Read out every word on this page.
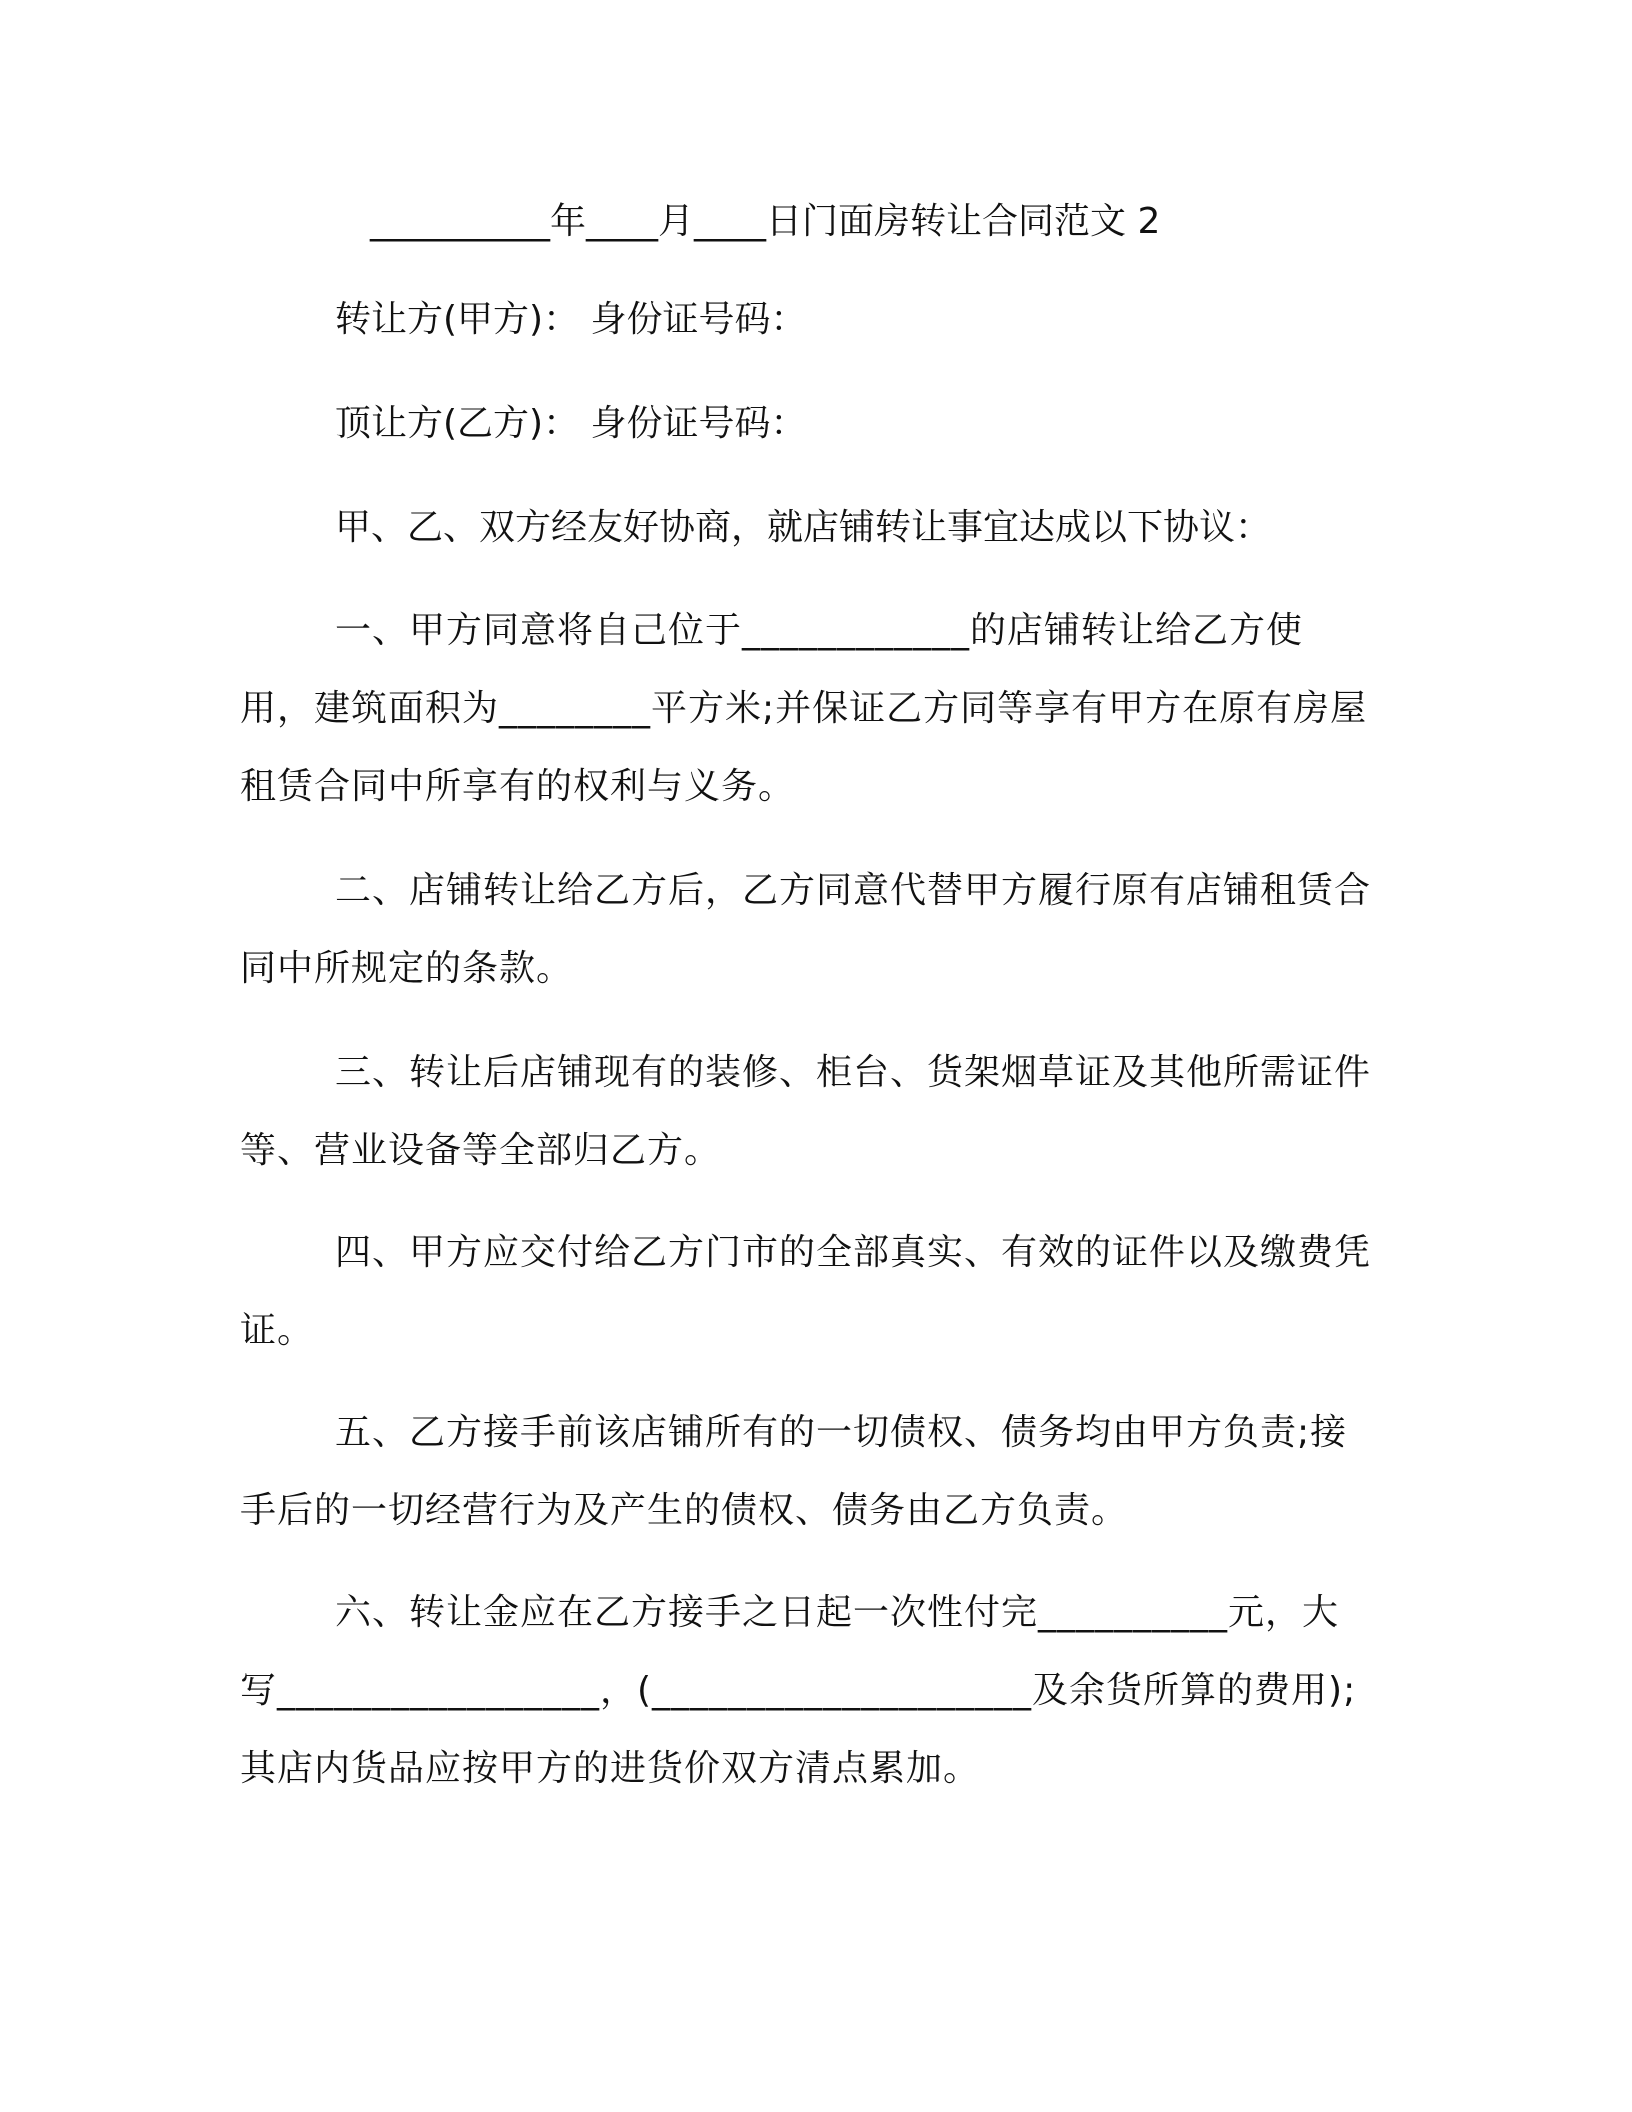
__________年____月____日门面房转让合同范文 2

转让方(甲方)： 身份证号码：

顶让方(乙方)： 身份证号码：

甲、乙、双方经友好协商，就店铺转让事宜达成以下协议：

一、甲方同意将自己位于____________的店铺转让给乙方使用，建筑面积为________平方米;并保证乙方同等享有甲方在原有房屋租赁合同中所享有的权利与义务。

二、店铺转让给乙方后，乙方同意代替甲方履行原有店铺租赁合同中所规定的条款。

三、转让后店铺现有的装修、柜台、货架烟草证及其他所需证件等、营业设备等全部归乙方。

四、甲方应交付给乙方门市的全部真实、有效的证件以及缴费凭证。

五、乙方接手前该店铺所有的一切债权、债务均由甲方负责;接手后的一切经营行为及产生的债权、债务由乙方负责。

六、转让金应在乙方接手之日起一次性付完__________元，大写_________________，(____________________及余货所算的费用);其店内货品应按甲方的进货价双方清点累加。
